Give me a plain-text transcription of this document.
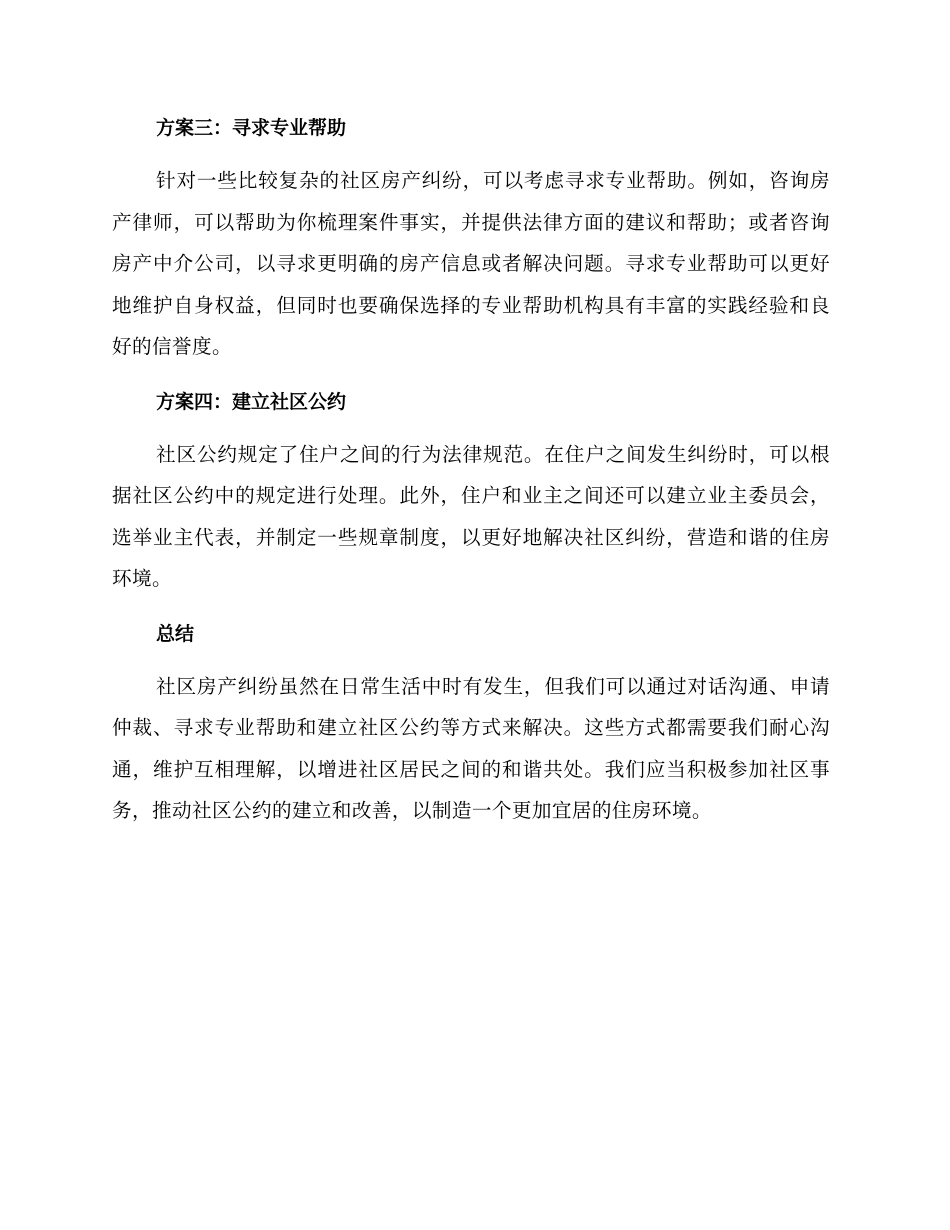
方案三：寻求专业帮助

针对一些比较复杂的社区房产纠纷，可以考虑寻求专业帮助。例如，咨询房产律师，可以帮助为你梳理案件事实，并提供法律方面的建议和帮助；或者咨询房产中介公司，以寻求更明确的房产信息或者解决问题。寻求专业帮助可以更好地维护自身权益，但同时也要确保选择的专业帮助机构具有丰富的实践经验和良好的信誉度。

方案四：建立社区公约

社区公约规定了住户之间的行为法律规范。在住户之间发生纠纷时，可以根据社区公约中的规定进行处理。此外，住户和业主之间还可以建立业主委员会，选举业主代表，并制定一些规章制度，以更好地解决社区纠纷，营造和谐的住房环境。

总结

社区房产纠纷虽然在日常生活中时有发生，但我们可以通过对话沟通、申请仲裁、寻求专业帮助和建立社区公约等方式来解决。这些方式都需要我们耐心沟通，维护互相理解，以增进社区居民之间的和谐共处。我们应当积极参加社区事务，推动社区公约的建立和改善，以制造一个更加宜居的住房环境。
